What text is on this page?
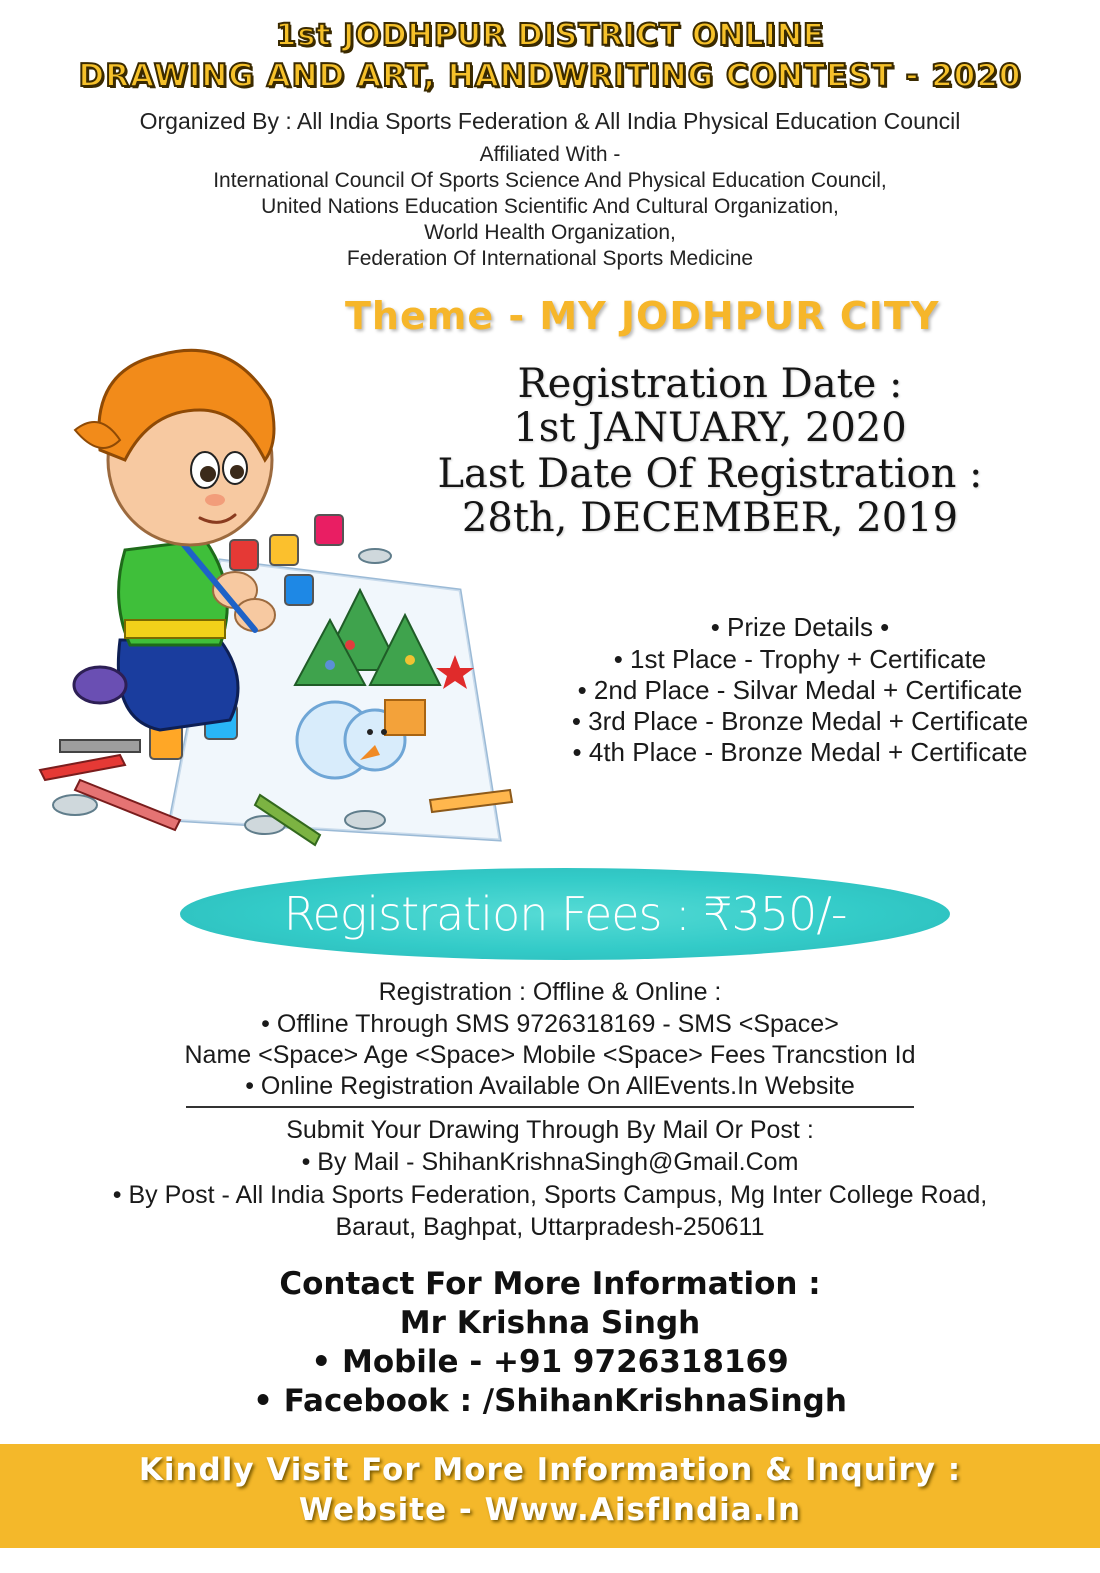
1st JODHPUR DISTRICT ONLINE
DRAWING AND ART, HANDWRITING CONTEST - 2020
Organized By : All India Sports Federation & All India Physical Education Council
Affiliated With -
International Council Of Sports Science And Physical Education Council,
United Nations Education Scientific And Cultural Organization,
World Health Organization,
Federation Of International Sports Medicine
Theme - MY JODHPUR CITY
Registration Date :
1st JANUARY, 2020
Last Date Of Registration :
28th, DECEMBER, 2019
• Prize Details •
• 1st Place - Trophy + Certificate
• 2nd Place - Silvar Medal + Certificate
• 3rd Place - Bronze Medal + Certificate
• 4th Place - Bronze Medal + Certificate
Registration Fees : ₹350/-
Registration : Offline & Online :
• Offline Through SMS 9726318169 - SMS <Space>
Name <Space> Age <Space> Mobile <Space> Fees Trancstion Id
• Online Registration Available On AllEvents.In Website
Submit Your Drawing Through By Mail Or Post :
• By Mail - ShihanKrishnaSingh@Gmail.Com
• By Post - All India Sports Federation, Sports Campus, Mg Inter College Road,
Baraut, Baghpat, Uttarpradesh-250611
Contact For More Information :
Mr Krishna Singh
• Mobile - +91 9726318169
• Facebook : /ShihanKrishnaSingh
Kindly Visit For More Information & Inquiry :
Website - Www.AisfIndia.In
